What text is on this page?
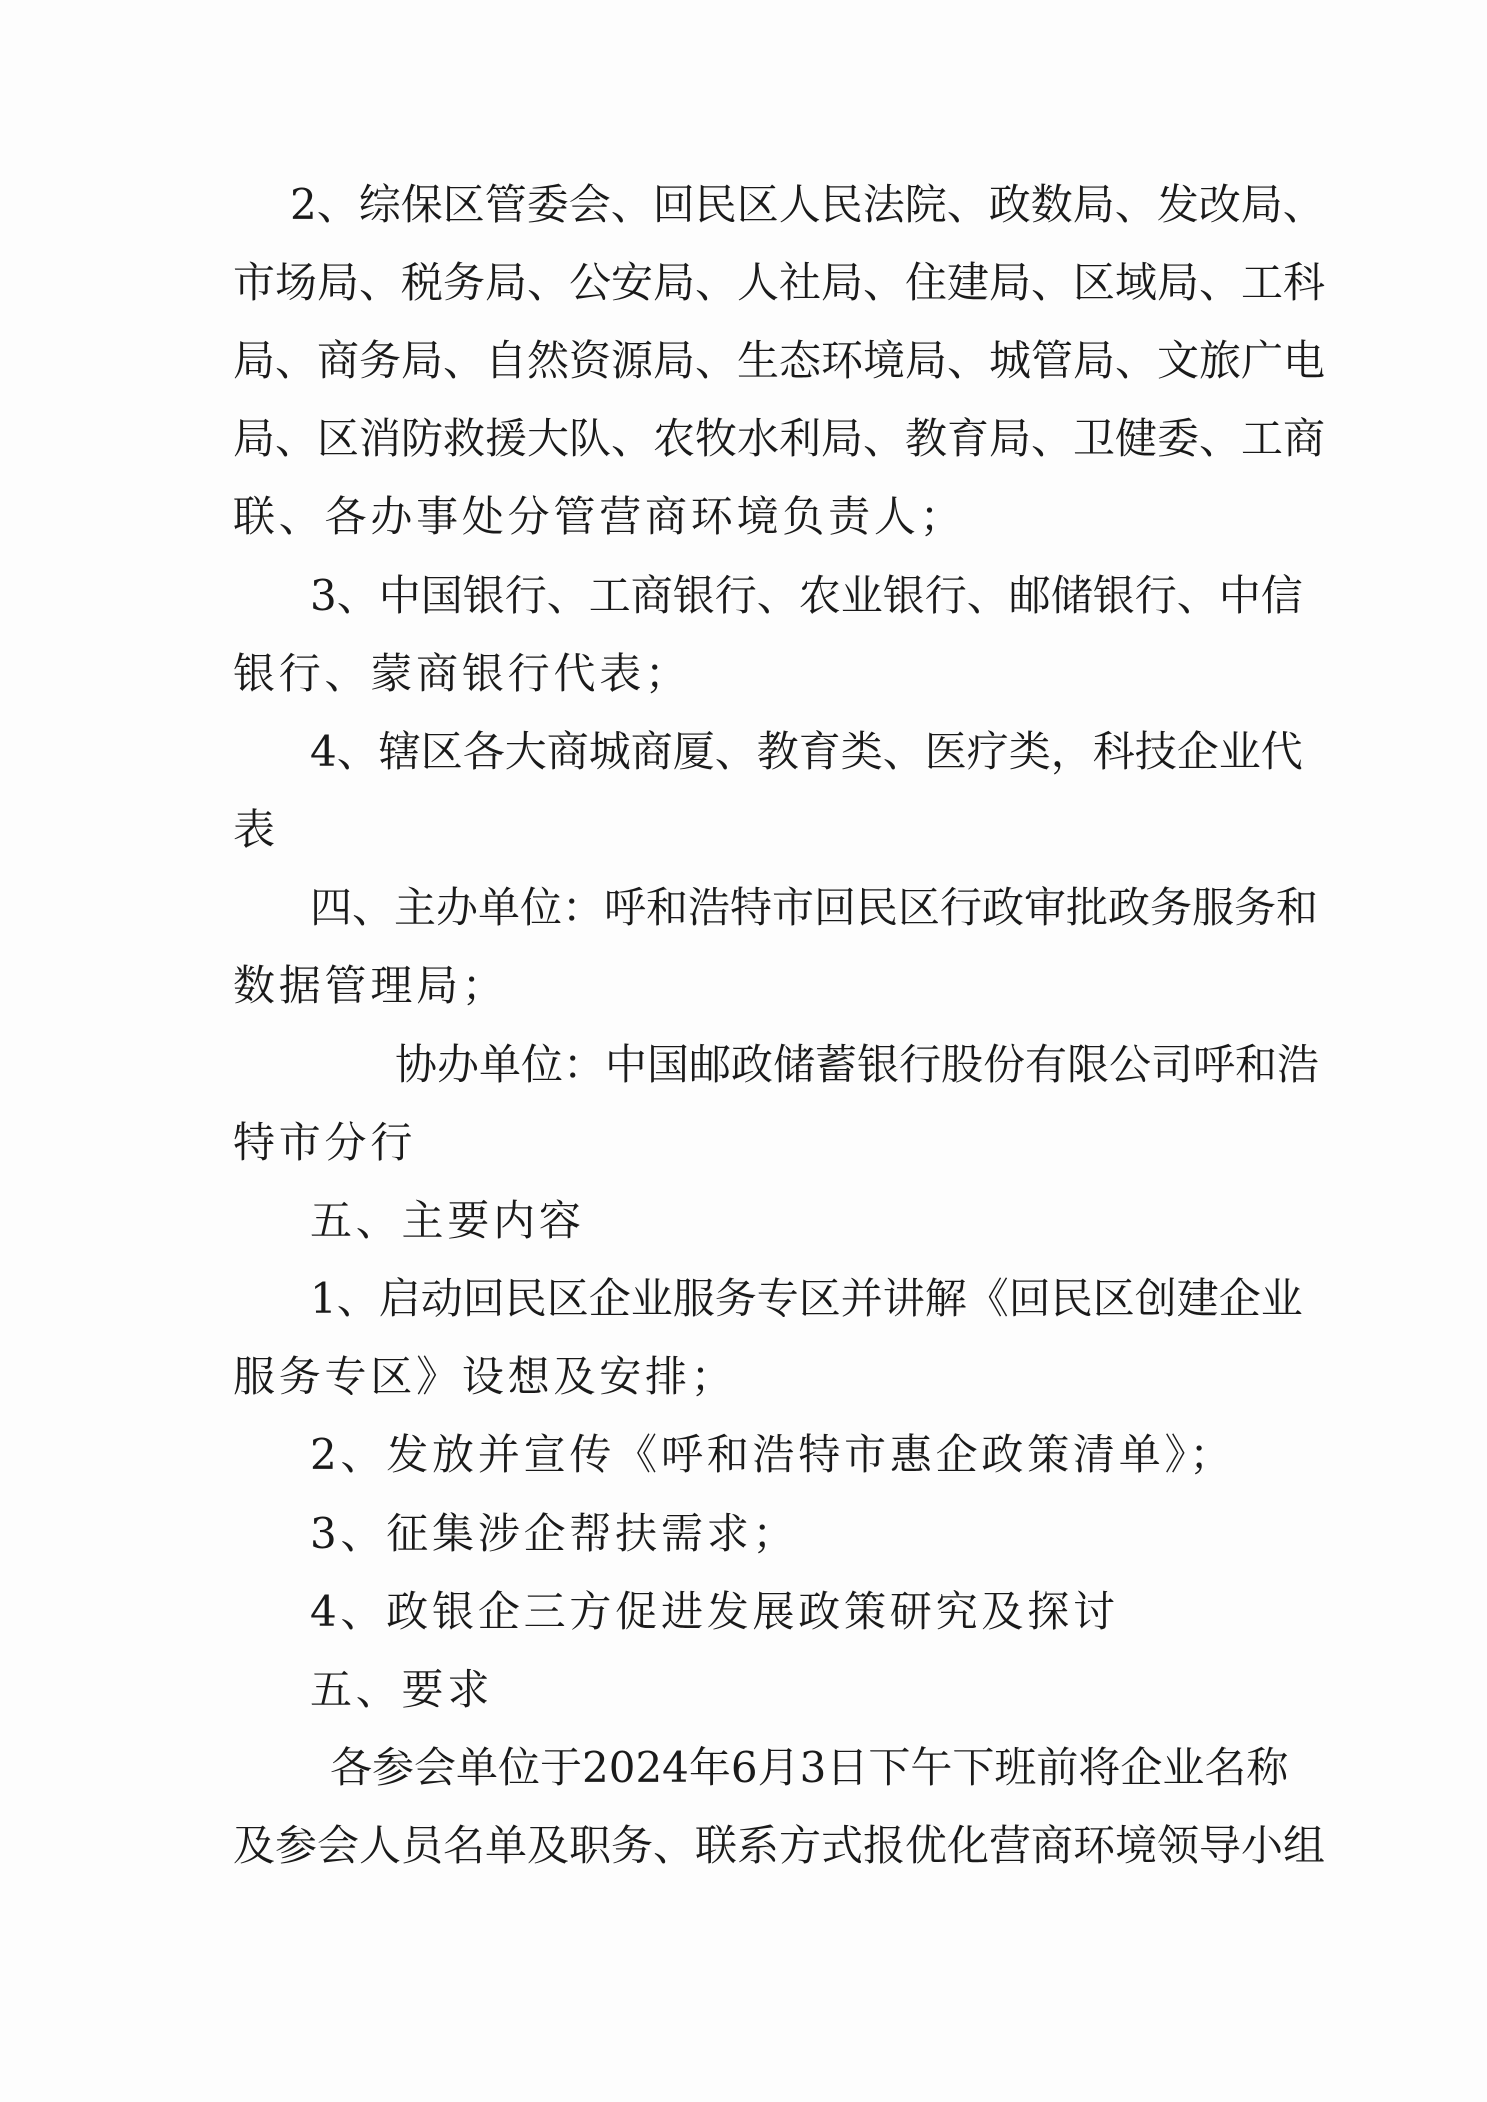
2、综保区管委会、回民区人民法院、政数局、发改局、
市场局、税务局、公安局、人社局、住建局、区域局、工科
局、商务局、自然资源局、生态环境局、城管局、文旅广电
局、区消防救援大队、农牧水利局、教育局、卫健委、工商
联、各办事处分管营商环境负责人；
3、中国银行、工商银行、农业银行、邮储银行、中信
银行、蒙商银行代表；
4、辖区各大商城商厦、教育类、医疗类，科技企业代
表
四、主办单位：呼和浩特市回民区行政审批政务服务和
数据管理局；
协办单位：中国邮政储蓄银行股份有限公司呼和浩
特市分行
五、主要内容
1、启动回民区企业服务专区并讲解《回民区创建企业
服务专区》设想及安排；
2、发放并宣传《呼和浩特市惠企政策清单》；
3、征集涉企帮扶需求；
4、政银企三方促进发展政策研究及探讨
五、要求
各参会单位于2024年6月3日下午下班前将企业名称
及参会人员名单及职务、联系方式报优化营商环境领导小组
